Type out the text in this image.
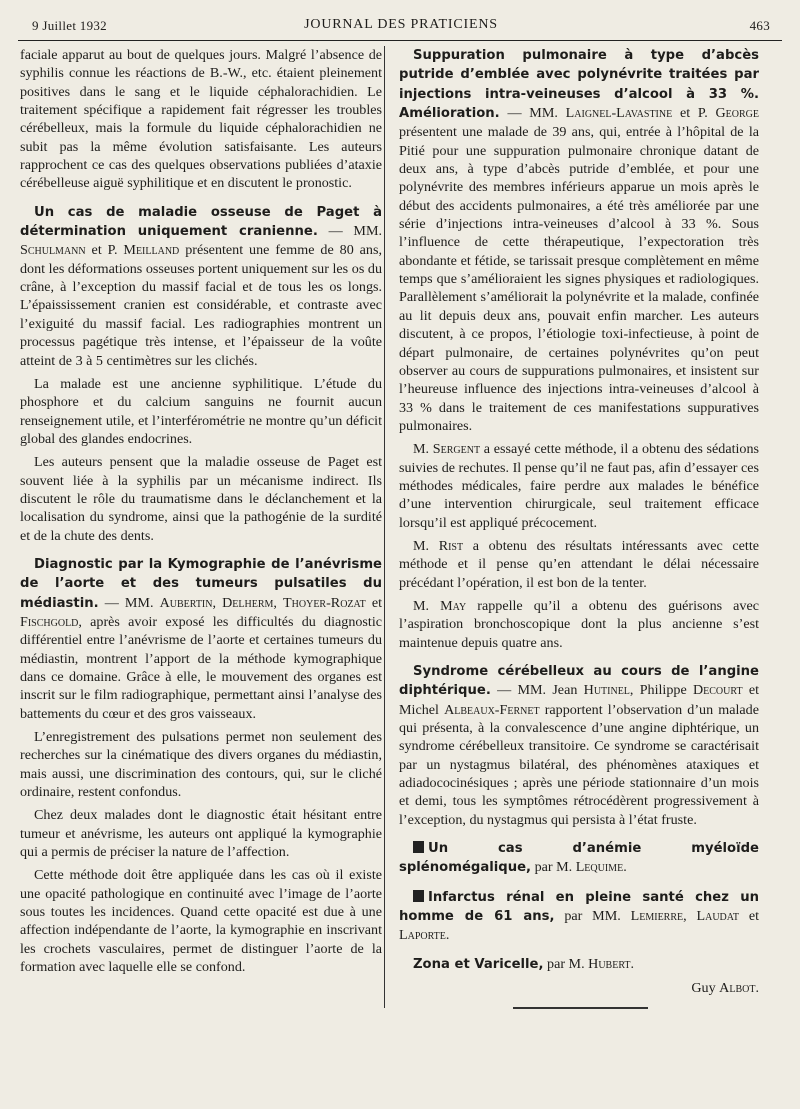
9 Juillet 1932	JOURNAL DES PRATICIENS	463

faciale apparut au bout de quelques jours. Malgré l’absence de syphilis connue les réactions de B.-W., etc. étaient pleinement positives dans le sang et le liquide céphalorachidien. Le traitement spécifique a rapidement fait régresser les troubles cérébelleux, mais la formule du liquide céphalorachidien ne subit pas la même évolution satisfaisante. Les auteurs rapprochent ce cas des quelques observations publiées d’ataxie cérébelleuse aiguë syphilitique et en discutent le pronostic.

Un cas de maladie osseuse de Paget à détermination uniquement cranienne. — MM. Schulmann et P. Meilland présentent une femme de 80 ans, dont les déformations osseuses portent uniquement sur les os du crâne, à l’exception du massif facial et de tous les os longs. L’épaississement cranien est considérable, et contraste avec l’exiguité du massif facial. Les radiographies montrent un processus pagétique très intense, et l’épaisseur de la voûte atteint de 3 à 5 centimètres sur les clichés.

La malade est une ancienne syphilitique. L’étude du phosphore et du calcium sanguins ne fournit aucun renseignement utile, et l’interférométrie ne montre qu’un déficit global des glandes endocrines.

Les auteurs pensent que la maladie osseuse de Paget est souvent liée à la syphilis par un mécanisme indirect. Ils discutent le rôle du traumatisme dans le déclanchement et la localisation du syndrome, ainsi que la pathogénie de la surdité et de la chute des dents.

Diagnostic par la Kymographie de l’anévrisme de l’aorte et des tumeurs pulsatiles du médiastin. — MM. Aubertin, Delherm, Thoyer-Rozat et Fischgold, après avoir exposé les difficultés du diagnostic différentiel entre l’anévrisme de l’aorte et certaines tumeurs du médiastin, montrent l’apport de la méthode kymographique dans ce domaine. Grâce à elle, le mouvement des organes est inscrit sur le film radiographique, permettant ainsi l’analyse des battements du cœur et des gros vaisseaux.

L’enregistrement des pulsations permet non seulement des recherches sur la cinématique des divers organes du médiastin, mais aussi, une discrimination des contours, qui, sur le cliché ordinaire, restent confondus.

Chez deux malades dont le diagnostic était hésitant entre tumeur et anévrisme, les auteurs ont appliqué la kymographie qui a permis de préciser la nature de l’affection.

Cette méthode doit être appliquée dans les cas où il existe une opacité pathologique en continuité avec l’image de l’aorte sous toutes les incidences. Quand cette opacité est due à une affection indépendante de l’aorte, la kymographie en inscrivant les crochets vasculaires, permet de distinguer l’aorte de la formation avec laquelle elle se confond.

Suppuration pulmonaire à type d’abcès putride d’emblée avec polynévrite traitées par injections intra-veineuses d’alcool à 33 %. Amélioration. — MM. Laignel-Lavastine et P. George présentent une malade de 39 ans, qui, entrée à l’hôpital de la Pitié pour une suppuration pulmonaire chronique datant de deux ans, à type d’abcès putride d’emblée, et pour une polynévrite des membres inférieurs apparue un mois après le début des accidents pulmonaires, a été très améliorée par une série d’injections intra-veineuses d’alcool à 33 %. Sous l’influence de cette thérapeutique, l’expectoration très abondante et fétide, se tarissait presque complètement en même temps que s’amélioraient les signes physiques et radiologiques. Parallèlement s’améliorait la polynévrite et la malade, confinée au lit depuis deux ans, pouvait enfin marcher. Les auteurs discutent, à ce propos, l’étiologie toxi-infectieuse, à point de départ pulmonaire, de certaines polynévrites qu’on peut observer au cours de suppurations pulmonaires, et insistent sur l’heureuse influence des injections intra-veineuses d’alcool à 33 % dans le traitement de ces manifestations suppuratives pulmonaires.

M. Sergent a essayé cette méthode, il a obtenu des sédations suivies de rechutes. Il pense qu’il ne faut pas, afin d’essayer ces méthodes médicales, faire perdre aux malades le bénéfice d’une intervention chirurgicale, seul traitement efficace lorsqu’il est appliqué précocement.

M. Rist a obtenu des résultats intéressants avec cette méthode et il pense qu’en attendant le délai nécessaire précédant l’opération, il est bon de la tenter.

M. May rappelle qu’il a obtenu des guérisons avec l’aspiration bronchoscopique dont la plus ancienne s’est maintenue depuis quatre ans.

Syndrome cérébelleux au cours de l’angine diphtérique. — MM. Jean Hutinel, Philippe Decourt et Michel Albeaux-Fernet rapportent l’observation d’un malade qui présenta, à la convalescence d’une angine diphtérique, un syndrome cérébelleux transitoire. Ce syndrome se caractérisait par un nystagmus bilatéral, des phénomènes ataxiques et adiadococinésiques ; après une période stationnaire d’un mois et demi, tous les symptômes rétrocédèrent progressivement à l’exception, du nystagmus qui persista à l’état fruste.

Un cas d’anémie myéloïde splénomégalique, par M. Lequime.

Infarctus rénal en pleine santé chez un homme de 61 ans, par MM. Lemierre, Laudat et Laporte.

Zona et Varicelle, par M. Hubert.

Guy Albot.
